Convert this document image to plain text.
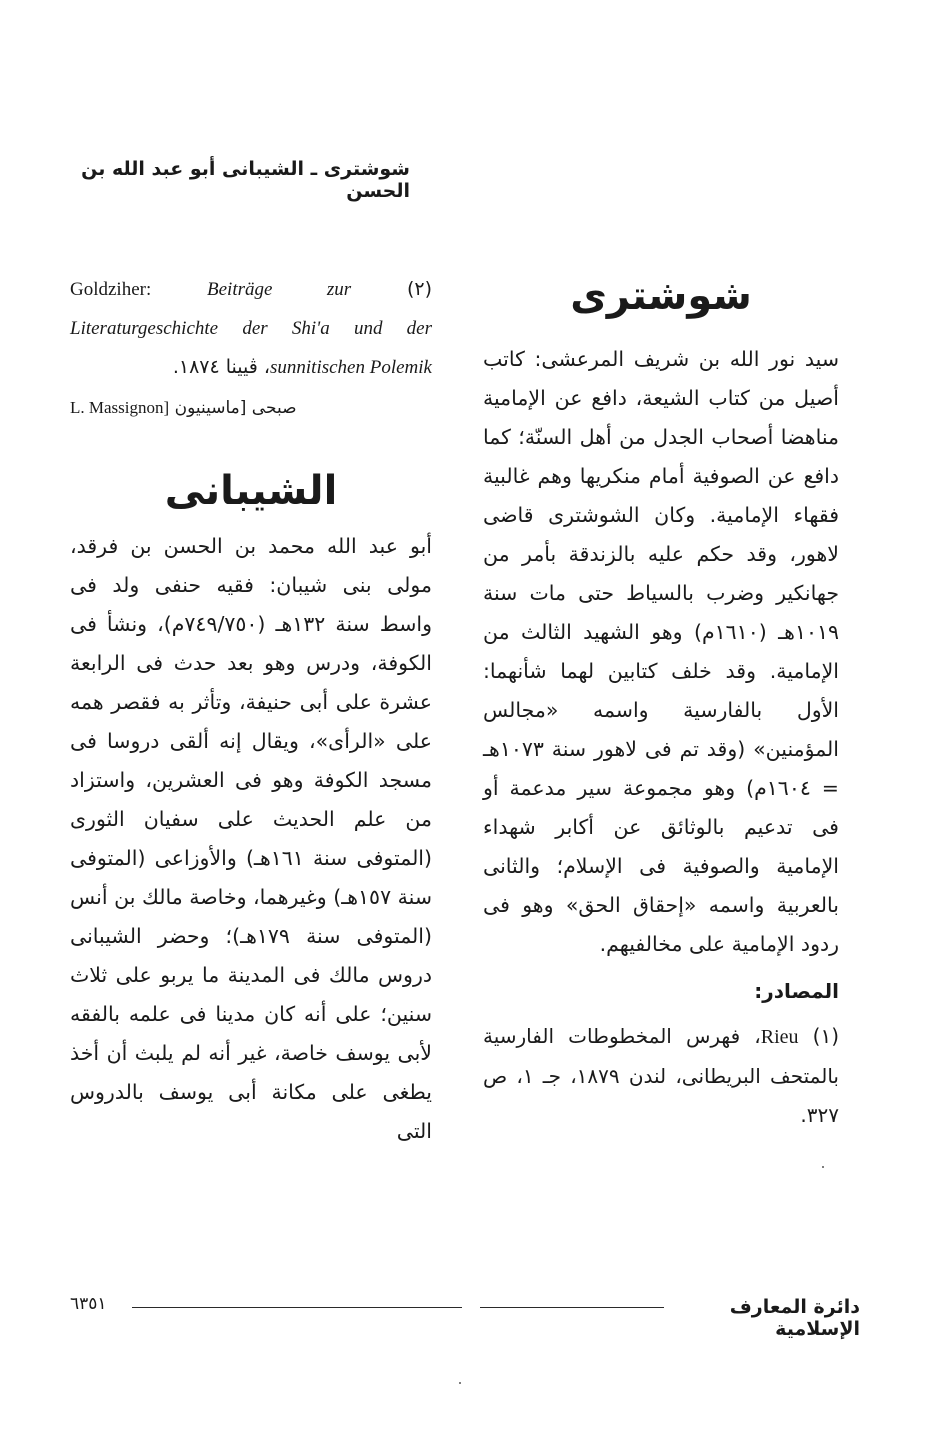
شوشترى ـ الشيبانى أبو عبد الله بن الحسن
شوشترى

سيد نور الله بن شريف المرعشى: كاتب أصيل من كتاب الشيعة، دافع عن الإمامية مناهضا أصحاب الجدل من أهل السنّة؛ كما دافع عن الصوفية أمام منكريها وهم غالبية فقهاء الإمامية. وكان الشوشترى قاضى لاهور، وقد حكم عليه بالزندقة بأمر من جهانكير وضرب بالسياط حتى مات سنة ١٠١٩هـ (١٦١٠م) وهو الشهيد الثالث من الإمامية. وقد خلف كتابين لهما شأنهما: الأول بالفارسية واسمه «مجالس المؤمنين» (وقد تم فى لاهور سنة ١٠٧٣هـ = ١٦٠٤م) وهو مجموعة سير مدعمة أو فى تدعيم بالوثائق عن أكابر شهداء الإمامية والصوفية فى الإسلام؛ والثانى بالعربية واسمه «إحقاق الحق» وهو فى ردود الإمامية على مخالفيهم.

المصادر:

(١) Rieu، فهرس المخطوطات الفارسية بالمتحف البريطانى، لندن ١٨٧٩، جـ ١، ص ٣٢٧.

(٢) Goldziher:	Beiträge zur Literaturgeschichte der Shi'a und der sunnitischen Polemik، ڤيينا ١٨٧٤.

صبحى [ماسينيون L. Massignon]

الشيبانى

أبو عبد الله محمد بن الحسن بن فرقد، مولى بنى شيبان: فقيه حنفى ولد فى واسط سنة ١٣٢هـ (٧٤٩/٧٥٠م)، ونشأ فى الكوفة، ودرس وهو بعد حدث فى الرابعة عشرة على أبى حنيفة، وتأثر به فقصر همه على «الرأى»، ويقال إنه ألقى دروسا فى مسجد الكوفة وهو فى العشرين، واستزاد من علم الحديث على سفيان الثورى (المتوفى سنة ١٦١هـ) والأوزاعى (المتوفى سنة ١٥٧هـ) وغيرهما، وخاصة مالك بن أنس (المتوفى سنة ١٧٩هـ)؛ وحضر الشيبانى دروس مالك فى المدينة ما يربو على ثلاث سنين؛ على أنه كان مدينا فى علمه بالفقه لأبى يوسف خاصة، غير أنه لم يلبث أن أخذ يطغى على مكانة أبى يوسف بالدروس التى

دائرة المعارف الإسلامية
٦٣٥١
